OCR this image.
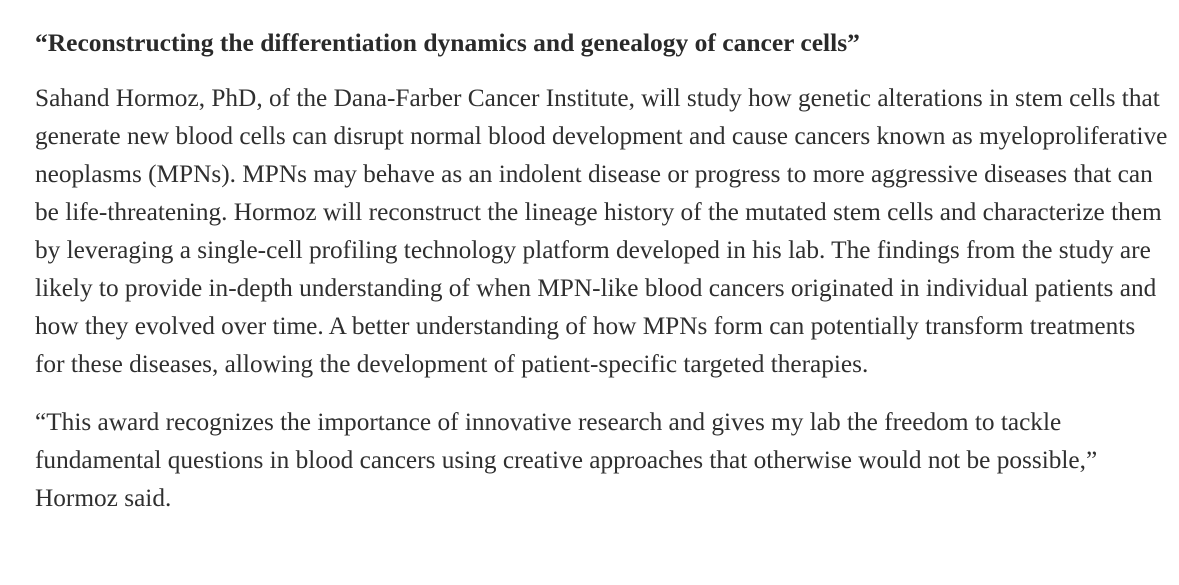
“Reconstructing the differentiation dynamics and genealogy of cancer cells”

Sahand Hormoz, PhD, of the Dana-Farber Cancer Institute, will study how genetic alterations in stem cells that generate new blood cells can disrupt normal blood development and cause cancers known as myeloproliferative neoplasms (MPNs). MPNs may behave as an indolent disease or progress to more aggressive diseases that can be life-threatening. Hormoz will reconstruct the lineage history of the mutated stem cells and characterize them by leveraging a single-cell profiling technology platform developed in his lab. The findings from the study are likely to provide in-depth understanding of when MPN-like blood cancers originated in individual patients and how they evolved over time. A better understanding of how MPNs form can potentially transform treatments for these diseases, allowing the development of patient-specific targeted therapies.

“This award recognizes the importance of innovative research and gives my lab the freedom to tackle fundamental questions in blood cancers using creative approaches that otherwise would not be possible,” Hormoz said.
